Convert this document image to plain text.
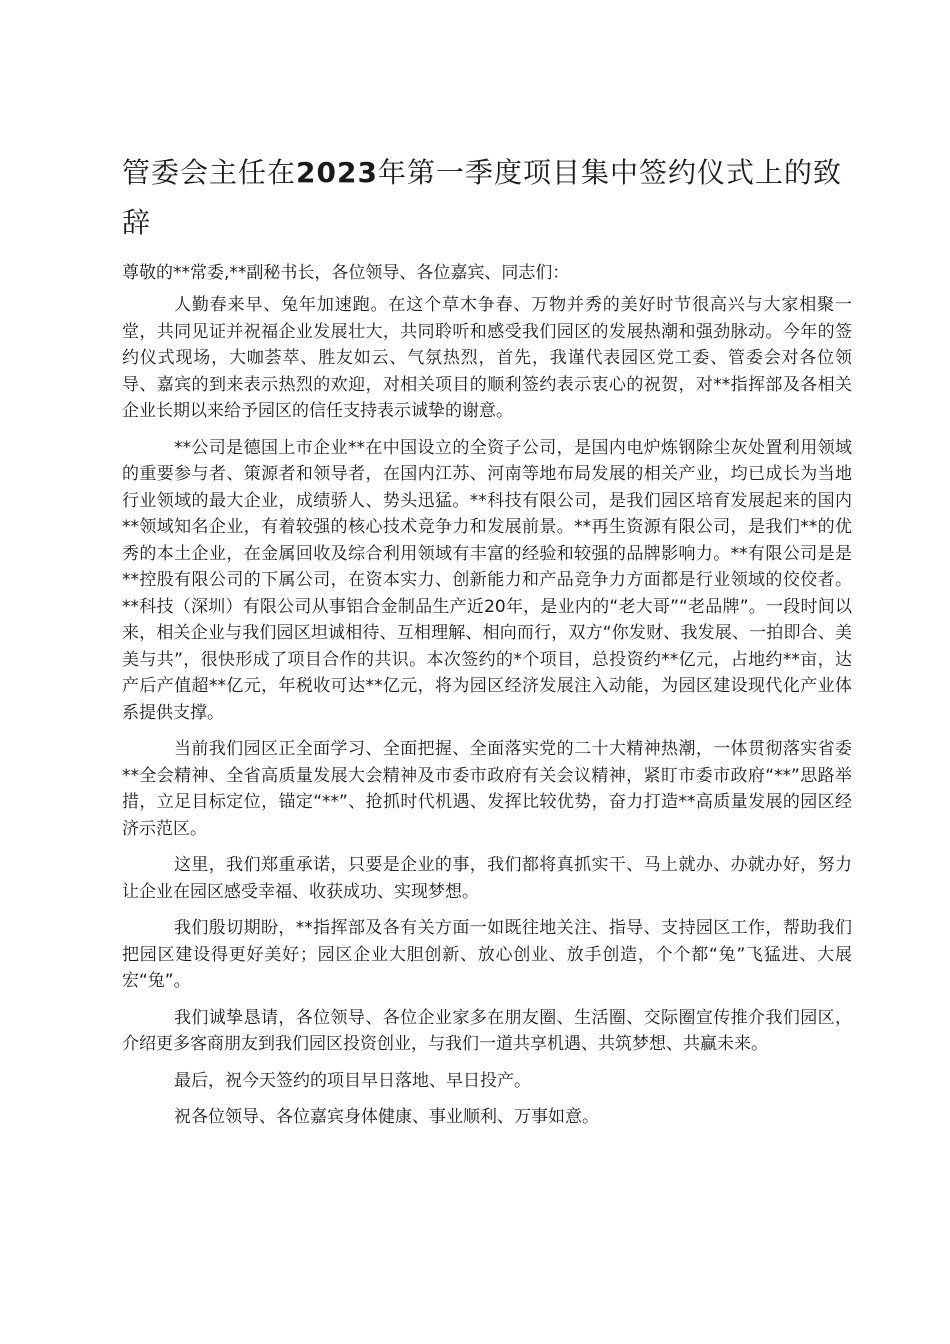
管委会主任在2023年第一季度项目集中签约仪式上的致辞

尊敬的**常委,**副秘书长，各位领导、各位嘉宾、同志们：

人勤春来早、兔年加速跑。在这个草木争春、万物并秀的美好时节很高兴与大家相聚一堂，共同见证并祝福企业发展壮大，共同聆听和感受我们园区的发展热潮和强劲脉动。今年的签约仪式现场，大咖荟萃、胜友如云、气氛热烈，首先，我谨代表园区党工委、管委会对各位领导、嘉宾的到来表示热烈的欢迎，对相关项目的顺利签约表示衷心的祝贺，对**指挥部及各相关企业长期以来给予园区的信任支持表示诚挚的谢意。

**公司是德国上市企业**在中国设立的全资子公司，是国内电炉炼钢除尘灰处置利用领域的重要参与者、策源者和领导者，在国内江苏、河南等地布局发展的相关产业，均已成长为当地行业领域的最大企业，成绩骄人、势头迅猛。**科技有限公司，是我们园区培育发展起来的国内**领域知名企业，有着较强的核心技术竞争力和发展前景。**再生资源有限公司，是我们**的优秀的本土企业，在金属回收及综合利用领域有丰富的经验和较强的品牌影响力。**有限公司是是**控股有限公司的下属公司，在资本实力、创新能力和产品竞争力方面都是行业领域的佼佼者。**科技（深圳）有限公司从事铝合金制品生产近20年，是业内的“老大哥”“老品牌”。一段时间以来，相关企业与我们园区坦诚相待、互相理解、相向而行，双方“你发财、我发展、一拍即合、美美与共”，很快形成了项目合作的共识。本次签约的*个项目，总投资约**亿元，占地约**亩，达产后产值超**亿元，年税收可达**亿元，将为园区经济发展注入动能，为园区建设现代化产业体系提供支撑。

当前我们园区正全面学习、全面把握、全面落实党的二十大精神热潮，一体贯彻落实省委**全会精神、全省高质量发展大会精神及市委市政府有关会议精神，紧盯市委市政府“**”思路举措，立足目标定位，锚定“**”、抢抓时代机遇、发挥比较优势，奋力打造**高质量发展的园区经济示范区。

这里，我们郑重承诺，只要是企业的事，我们都将真抓实干、马上就办、办就办好，努力让企业在园区感受幸福、收获成功、实现梦想。

我们殷切期盼，**指挥部及各有关方面一如既往地关注、指导、支持园区工作，帮助我们把园区建设得更好美好；园区企业大胆创新、放心创业、放手创造，个个都“兔”飞猛进、大展宏“兔”。

我们诚挚恳请，各位领导、各位企业家多在朋友圈、生活圈、交际圈宣传推介我们园区，介绍更多客商朋友到我们园区投资创业，与我们一道共享机遇、共筑梦想、共赢未来。

最后，祝今天签约的项目早日落地、早日投产。

祝各位领导、各位嘉宾身体健康、事业顺利、万事如意。
